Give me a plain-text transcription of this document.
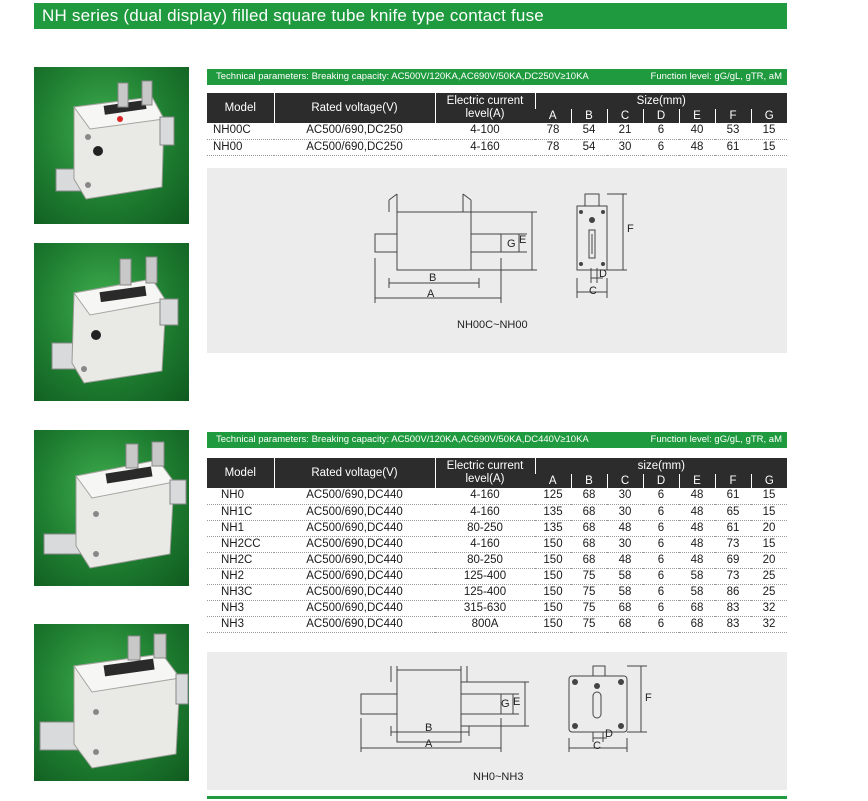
NH series (dual display) filled square tube knife type contact fuse
Technical parameters: Breaking capacity: AC500V/120KA,AC690V/50KA,DC250V≥10KA	Function level: gG/gL, gTR, aM
Model	Rated voltage(V)	Electric current level(A)	Size(mm)						
			A	B	C	D	E	F	G
NH00C	AC500/690,DC250	4-100	78	54	21	6	40	53	15
NH00	AC500/690,DC250	4-160	78	54	30	6	48	61	15
A
B
G E
F
D
C
NH00C~NH00
Technical parameters: Breaking capacity: AC500V/120KA,AC690V/50KA,DC440V≥10KA	Function level: gG/gL, gTR, aM
Model	Rated voltage(V)	Electric current level(A)	size(mm)						
			A	B	C	D	E	F	G
NH0	AC500/690,DC440	4-160	125	68	30	6	48	61	15
NH1C	AC500/690,DC440	4-160	135	68	30	6	48	65	15
NH1	AC500/690,DC440	80-250	135	68	48	6	48	61	20
NH2CC	AC500/690,DC440	4-160	150	68	30	6	48	73	15
NH2C	AC500/690,DC440	80-250	150	68	48	6	48	69	20
NH2	AC500/690,DC440	125-400	150	75	58	6	58	73	25
NH3C	AC500/690,DC440	125-400	150	75	58	6	58	86	25
NH3	AC500/690,DC440	315-630	150	75	68	6	68	83	32
NH3	AC500/690,DC440	800A	150	75	68	6	68	83	32
A
B
G E	F
D
C
NH0~NH3
